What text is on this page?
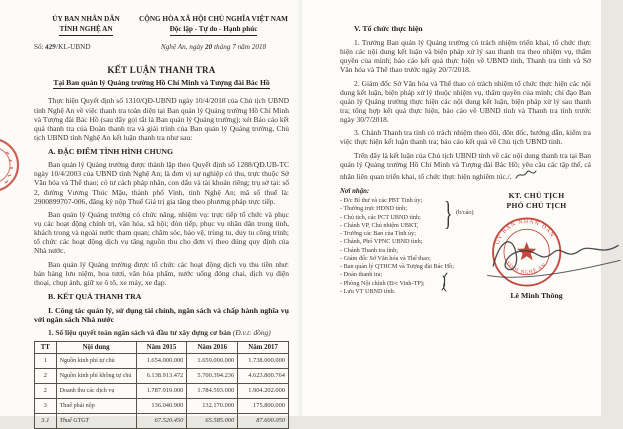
ỦY BAN NHÂN DÂN
TỈNH NGHỆ AN
CỘNG HÒA XÃ HỘI CHỦ NGHĨA VIỆT NAM
Độc lập - Tự do - Hạnh phúc
Số: 429/KL-UBND	Nghệ An, ngày 20 tháng 7 năm 2018
KẾT LUẬN THANH TRA
Tại Ban quản lý Quảng trường Hồ Chí Minh và Tượng đài Bác Hồ

Thực hiện Quyết định số 1310/QĐ-UBND ngày 10/4/2018 của Chủ tịch UBND tỉnh Nghệ An về việc thanh tra toàn diện tại Ban quản lý Quảng trường Hồ Chí Minh và Tượng đài Bác Hồ (sau đây gọi tắt là Ban quản lý Quảng trường); xét Báo cáo kết quả thanh tra của Đoàn thanh tra và giải trình của Ban quản lý Quảng trường, Chủ tịch UBND tỉnh Nghệ An kết luận thanh tra như sau:

A. ĐẶC ĐIỂM TÌNH HÌNH CHUNG

Ban quản lý Quảng trường được thành lập theo Quyết định số 1288/QĐ.UB-TC ngày 10/4/2003 của UBND tỉnh Nghệ An; là đơn vị sự nghiệp có thu, trực thuộc Sở Văn hóa và Thể thao; có tư cách pháp nhân, con dấu và tài khoản riêng; trụ sở tại: số 2, đường Vương Thúc Mậu, thành phố Vinh, tỉnh Nghệ An; mã số thuế là: 2900899707-006, đăng ký nộp Thuế Giá trị gia tăng theo phương pháp trực tiếp.

Ban quản lý Quảng trường có chức năng, nhiệm vụ: trực tiếp tổ chức và phục vụ các hoạt động chính trị, văn hóa, xã hội; đón tiếp, phục vụ nhân dân trong tỉnh, khách trong và ngoài nước tham quan; chăm sóc, bảo vệ, trùng tu, duy tu công trình; tổ chức các hoạt động dịch vụ tăng nguồn thu cho đơn vị theo đúng quy định của Nhà nước.

Ban quản lý Quảng trường được tổ chức các hoạt động dịch vụ thu tiền như: bán hàng lưu niệm, hoa tươi, văn hóa phẩm, nước uống đóng chai, dịch vụ điện thoại, chụp ảnh, giữ xe ô tô, xe máy, xe đạp.

B. KẾT QUẢ THANH TRA
I. Công tác quản lý, sử dụng tài chính, ngân sách và chấp hành nghĩa vụ với ngân sách Nhà nước
1. Số liệu quyết toán ngân sách và đầu tư xây dựng cơ bản (Đ.v.t: đồng)
TT	Nội dung	Năm 2015	Năm 2016	Năm 2017
1	Nguồn kinh phí tự chủ	1.654.000.000	1.659.000.000	1.738.000.000
2	Nguồn kinh phí không tự chủ	6.138.913.472	5.700.394.236	4.623.800.764
2	Doanh thu các dịch vụ	1.787.919.000	1.784.593.000	1.904.202.000
3	Thuế phải nộp	136.040.900	132.170.000	175.800.000
3.1	Thuế GTGT	67.520.450	65.585.000	87.600.050
V. Tổ chức thực hiện

1. Trưởng Ban quản lý Quảng trường có trách nhiệm triển khai, tổ chức thực hiện các nội dung kết luận và biện pháp xử lý sau thanh tra theo nhiệm vụ, thẩm quyền của mình; báo cáo kết quả thực hiện về UBND tỉnh, Thanh tra tỉnh và Sở Văn hóa và Thể thao trước ngày 20/7/2018.

2. Giám đốc Sở Văn hóa và Thể thao có trách nhiệm tổ chức thực hiện các nội dung kết luận, biện pháp xử lý thuộc nhiệm vụ, thẩm quyền của mình; chỉ đạo Ban quản lý Quảng trường thực hiện các nội dung kết luận, biện pháp xử lý sau thanh tra; tổng hợp kết quả thực hiện, báo cáo về UBND tỉnh và Thanh tra tỉnh trước ngày 30/7/2018.

3. Chánh Thanh tra tỉnh có trách nhiệm theo dõi, đôn đốc, hướng dẫn, kiểm tra việc thực hiện kết luận thanh tra; báo cáo kết quả về Chủ tịch UBND tỉnh.

Trên đây là kết luận của Chủ tịch UBND tỉnh về các nội dung thanh tra tại Ban quản lý Quảng trường Hồ Chí Minh và Tượng đài Bác Hồ; yêu cầu các tập thể, cá nhân liên quan triển khai, tổ chức thực hiện nghiêm túc./.

Nơi nhận:
- Đ/c Bí thư và các PBT Tỉnh ủy;
- Thường trực HĐND tỉnh;
- Chủ tịch, các PCT UBND tỉnh;
- Chánh VP, Chủ nhiệm UBKT,
- Trưởng các Ban của Tỉnh ủy;
- Chánh, Phó VPNC UBND tỉnh;
- Chánh Thanh tra tỉnh;
- Giám đốc Sở Văn hóa và Thể thao;
- Ban quản lý QTHCM và Tượng đài Bác Hồ;
- Đoàn thanh tra;
- Phòng Nội chính (Đ/c Vinh-TP);
- Lưu VT UBND tỉnh.
} (b/cáo)
KT. CHỦ TỊCH
PHÓ CHỦ TỊCH
ỦY BAN NHÂN DÂN
TỈNH NGHỆ AN
Lê Minh Thông
